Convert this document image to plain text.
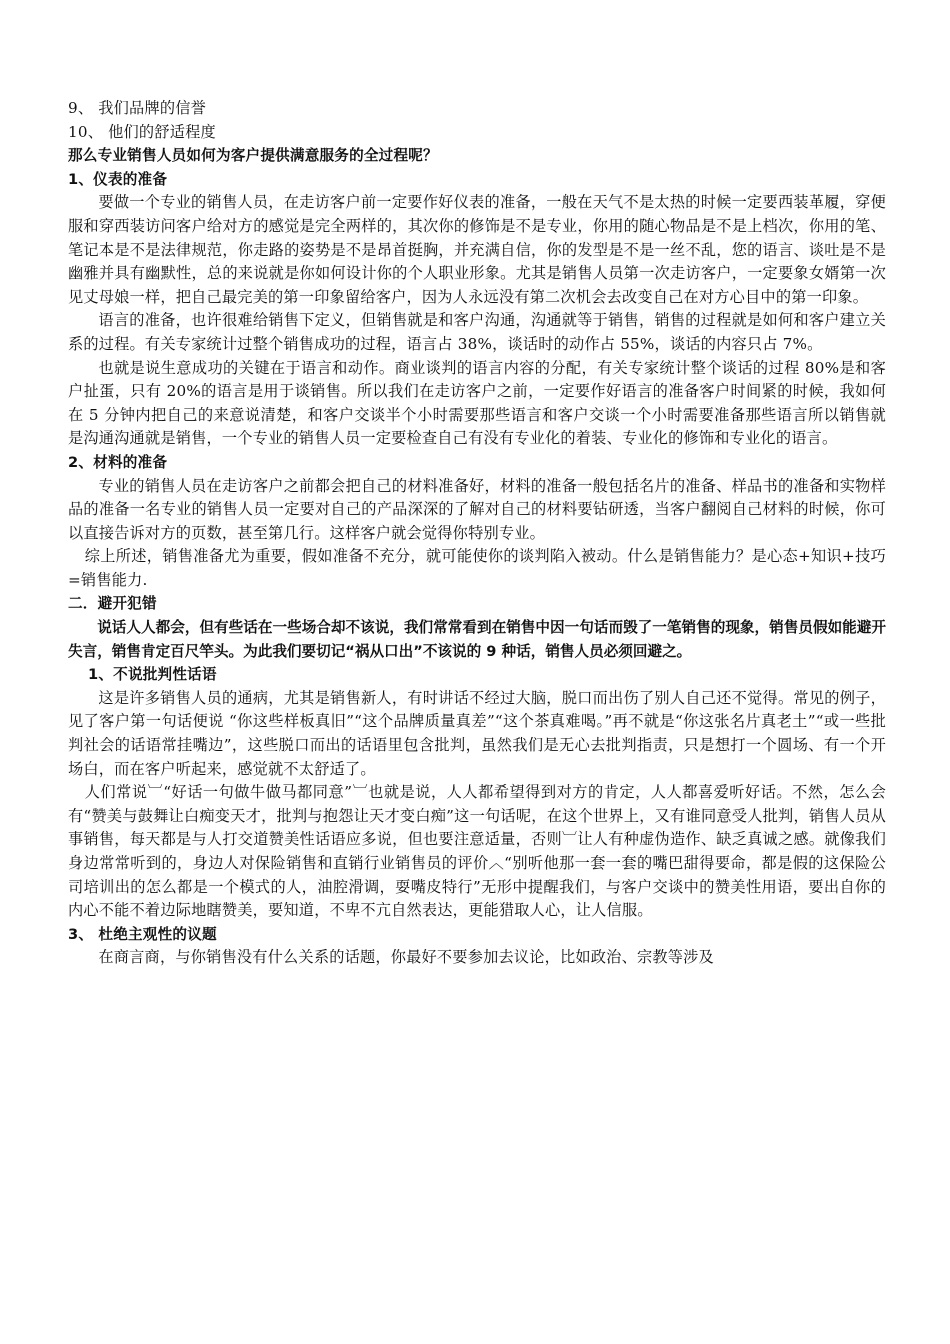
9、 我们品牌的信誉

10、 他们的舒适程度

那么专业销售人员如何为客户提供满意服务的全过程呢？

1、仪表的准备

要做一个专业的销售人员，在走访客户前一定要作好仪表的准备，一般在天气不是太热的时候一定要西装革履，穿便服和穿西装访问客户给对方的感觉是完全两样的，其次你的修饰是不是专业，你用的随心物品是不是上档次，你用的笔、笔记本是不是法律规范，你走路的姿势是不是昂首挺胸，并充满自信，你的发型是不是一丝不乱，您的语言、谈吐是不是幽雅并具有幽默性，总的来说就是你如何设计你的个人职业形象。尤其是销售人员第一次走访客户，一定要象女婿第一次见丈母娘一样，把自己最完美的第一印象留给客户，因为人永远没有第二次机会去改变自己在对方心目中的第一印象。

语言的准备，也许很难给销售下定义，但销售就是和客户沟通，沟通就等于销售，销售的过程就是如何和客户建立关系的过程。有关专家统计过整个销售成功的过程，语言占 38%，谈话时的动作占 55%，谈话的内容只占 7%。

也就是说生意成功的关键在于语言和动作。商业谈判的语言内容的分配，有关专家统计整个谈话的过程 80%是和客户扯蛋，只有 20%的语言是用于谈销售。所以我们在走访客户之前，一定要作好语言的准备客户时间紧的时候，我如何在 5 分钟内把自己的来意说清楚，和客户交谈半个小时需要那些语言和客户交谈一个小时需要准备那些语言所以销售就是沟通沟通就是销售，一个专业的销售人员一定要检查自己有没有专业化的着装、专业化的修饰和专业化的语言。

2、材料的准备

专业的销售人员在走访客户之前都会把自己的材料准备好，材料的准备一般包括名片的准备、样品书的准备和实物样品的准备一名专业的销售人员一定要对自己的产品深深的了解对自己的材料要钻研透，当客户翻阅自己材料的时候，你可以直接告诉对方的页数，甚至第几行。这样客户就会觉得你特别专业。

综上所述，销售准备尤为重要，假如准备不充分，就可能使你的谈判陷入被动。什么是销售能力？是心态+知识+技巧=销售能力.

二．避开犯错

说话人人都会，但有些话在一些场合却不该说，我们常常看到在销售中因一句话而毁了一笔销售的现象，销售员假如能避开失言，销售肯定百尺竿头。为此我们要切记“祸从口出”不该说的 9 种话，销售人员必须回避之。

1、不说批判性话语

这是许多销售人员的通病，尤其是销售新人，有时讲话不经过大脑，脱口而出伤了别人自己还不觉得。常见的例子，见了客户第一句话便说 “你这些样板真旧”“这个品牌质量真差”“这个茶真难喝。”再不就是“你这张名片真老土”“或一些批判社会的话语常挂嘴边”，这些脱口而出的话语里包含批判，虽然我们是无心去批判指责，只是想打一个圆场、有一个开场白，而在客户听起来，感觉就不太舒适了。

人们常说︺“好话一句做牛做马都同意”︺也就是说，人人都希望得到对方的肯定，人人都喜爱听好话。不然，怎么会有“赞美与鼓舞让白痴变天才，批判与抱怨让天才变白痴”这一句话呢，在这个世界上，又有谁同意受人批判，销售人员从事销售，每天都是与人打交道赞美性话语应多说，但也要注意适量，否则︺让人有种虚伪造作、缺乏真诚之感。就像我们身边常常听到的，身边人对保险销售和直销行业销售员的评价︿“别听他那一套一套的嘴巴甜得要命，都是假的这保险公司培训出的怎么都是一个模式的人，油腔滑调，耍嘴皮特行”无形中提醒我们，与客户交谈中的赞美性用语，要出自你的内心不能不着边际地瞎赞美，要知道，不卑不亢自然表达，更能猎取人心，让人信服。

3、 杜绝主观性的议题

在商言商，与你销售没有什么关系的话题，你最好不要参加去议论，比如政治、宗教等涉及
